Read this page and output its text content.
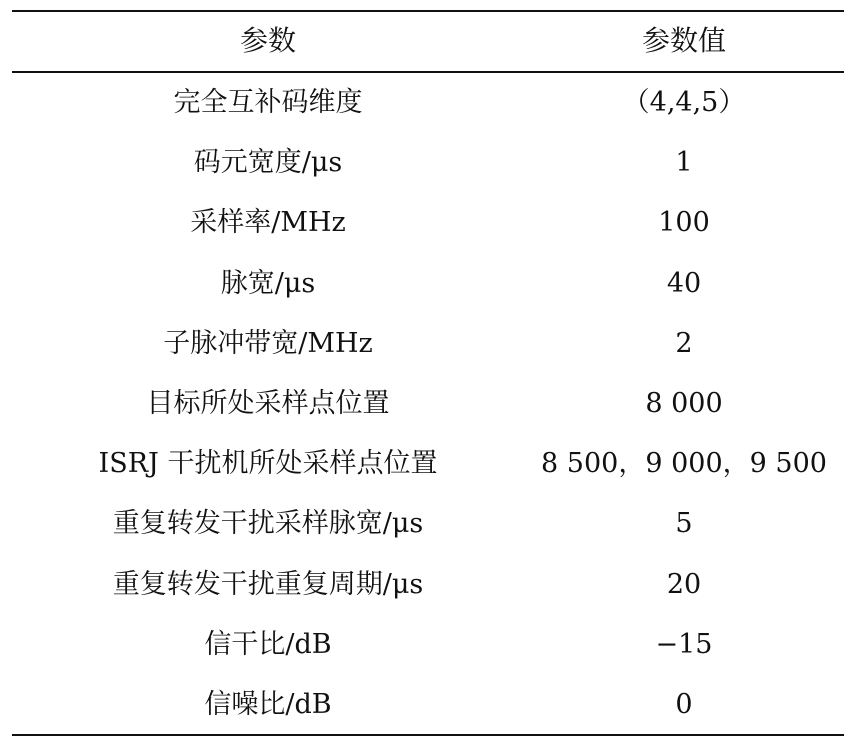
参数	参数值
完全互补码维度	（4,4,5）
码元宽度/μs	1
采样率/MHz	100
脉宽/μs	40
子脉冲带宽/MHz	2
目标所处采样点位置	8 000
ISRJ 干扰机所处采样点位置	8 500，9 000，9 500
重复转发干扰采样脉宽/μs	5
重复转发干扰重复周期/μs	20
信干比/dB	−15
信噪比/dB	0
